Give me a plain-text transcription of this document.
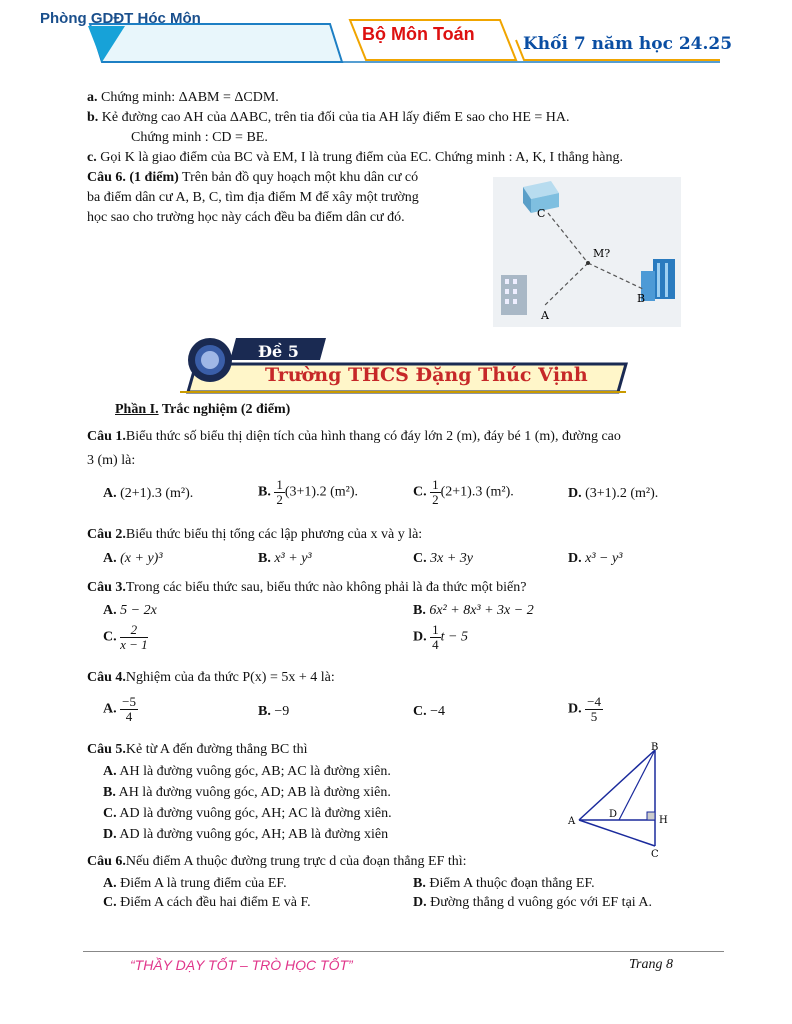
Phòng GDĐT Hóc Môn
Bộ Môn Toán	Khối 7 năm học 24.25
a. Chứng minh: ΔABM = ΔCDM.
b. Kẻ đường cao AH của ΔABC, trên tia đối của tia AH lấy điểm E sao cho HE = HA.
Chứng minh : CD = BE.
c. Gọi K là giao điểm của BC và EM, I là trung điểm của EC. Chứng minh : A, K, I thẳng hàng.
Câu 6. (1 điểm) Trên bản đồ quy hoạch một khu dân cư có
ba điểm dân cư A, B, C, tìm địa điểm M để xây một trường
học sao cho trường học này cách đều ba điểm dân cư đó.	C
M?
B
A
Đề 5
Trường THCS Đặng Thúc Vịnh
Phần I. Trắc nghiệm (2 điểm)
Câu 1.Biểu thức số biểu thị diện tích của hình thang có đáy lớn 2 (m), đáy bé 1 (m), đường cao
3 (m) là:
A. (2+1).3 (m²).	B. $\frac{1}{2} (3+1).2$ (m²).	C. $\frac{1}{2} (2+1).3$ (m²).	D. (3+1).2 (m²).
Câu 2.Biểu thức biểu thị tổng các lập phương của x và y là:
A. (x + y)³	B. x³ + y³	C. 3x + 3y	D. x³ − y³
Câu 3.Trong các biểu thức sau, biểu thức nào không phải là đa thức một biến?
A. 5 − 2x	B. 6x² + 8x³ + 3x − 2
C. $\frac{2}{x - 1}$	D. $\frac{1}{4}$ t − 5
Câu 4.Nghiệm của đa thức P(x) = 5x + 4 là:
A. $\frac{-5}{4}$	B. −9	C. −4	D. $\frac{-4}{5}$
Câu 5.Kẻ từ A đến đường thẳng BC thì
A. AH là đường vuông góc, AB; AC là đường xiên.
B. AH là đường vuông góc, AD; AB là đường xiên.
C. AD là đường vuông góc, AH; AC là đường xiên.
D. AD là đường vuông góc, AH; AB là đường xiên
B
A
D
H
C
Câu 6.Nếu điểm A thuộc đường trung trực d của đoạn thẳng EF thì:
A. Điểm A là trung điểm của EF.	B. Điểm A thuộc đoạn thẳng EF.
C. Điểm A cách đều hai điểm E và F.	D. Đường thẳng d vuông góc với EF tại A.
“THẦY DẠY TỐT – TRÒ HỌC TỐT”	Trang 8
